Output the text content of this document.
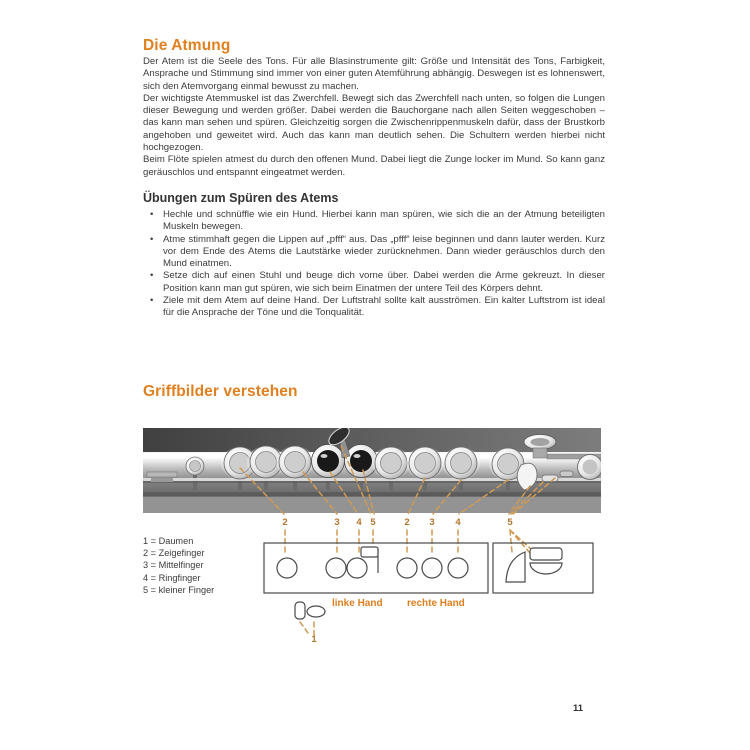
Die Atmung

Der Atem ist die Seele des Tons. Für alle Blasinstrumente gilt: Größe und Intensität des Tons, Farbigkeit, Ansprache und Stimmung sind immer von einer guten Atemführung abhängig. Deswegen ist es lohnenswert, sich den Atemvorgang einmal bewusst zu machen.

Der wichtigste Atemmuskel ist das Zwerchfell. Bewegt sich das Zwerchfell nach unten, so folgen die Lungen dieser Bewegung und werden größer. Dabei werden die Bauchorgane nach allen Seiten weggeschoben – das kann man sehen und spüren. Gleichzeitig sorgen die Zwischenrippenmuskeln dafür, dass der Brustkorb angehoben und geweitet wird. Auch das kann man deutlich sehen. Die Schultern werden hierbei nicht hochgezogen.

Beim Flöte spielen atmest du durch den offenen Mund. Dabei liegt die Zunge locker im Mund. So kann ganz geräuschlos und entspannt eingeatmet werden.

Übungen zum Spüren des Atems
• Hechle und schnüffle wie ein Hund. Hierbei kann man spüren, wie sich die an der Atmung beteiligten Muskeln bewegen.
• Atme stimmhaft gegen die Lippen auf „pfff“ aus. Das „pfff“ leise beginnen und dann lauter werden. Kurz vor dem Ende des Atems die Lautstärke wieder zurücknehmen. Dann wieder geräuschlos durch den Mund einatmen.
• Setze dich auf einen Stuhl und beuge dich vorne über. Dabei werden die Arme gekreuzt. In dieser Position kann man gut spüren, wie sich beim Einatmen der untere Teil des Körpers dehnt.
• Ziele mit dem Atem auf deine Hand. Der Luftstrahl sollte kalt ausströmen. Ein kalter Luftstrom ist ideal für die Ansprache der Töne und die Tonqualität.
Griffbilder verstehen
2	3 4 5	2 3 4	5
1
1 = Daumen
2 = Zeigefinger
3 = Mittelfinger
4 = Ringfinger
5 = kleiner Finger
linke Hand rechte Hand
11
